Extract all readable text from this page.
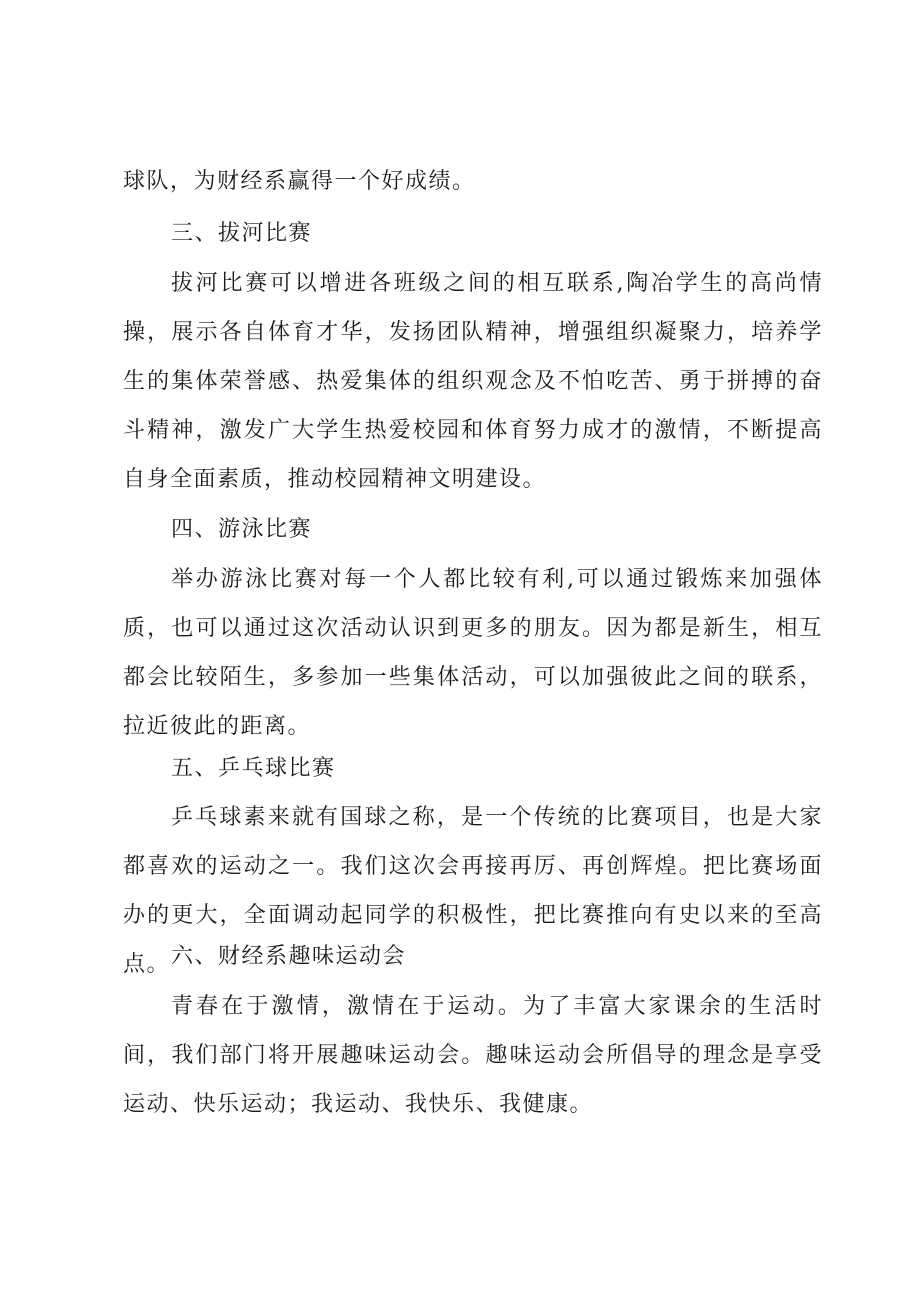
球队，为财经系赢得一个好成绩。

三、拔河比赛

拔河比赛可以增进各班级之间的相互联系,陶冶学生的高尚情操，展示各自体育才华，发扬团队精神，增强组织凝聚力，培养学生的集体荣誉感、热爱集体的组织观念及不怕吃苦、勇于拼搏的奋斗精神，激发广大学生热爱校园和体育努力成才的激情，不断提高自身全面素质，推动校园精神文明建设。

四、游泳比赛

举办游泳比赛对每一个人都比较有利,可以通过锻炼来加强体质，也可以通过这次活动认识到更多的朋友。因为都是新生，相互都会比较陌生，多参加一些集体活动，可以加强彼此之间的联系，拉近彼此的距离。

五、乒乓球比赛

乒乓球素来就有国球之称，是一个传统的比赛项目，也是大家都喜欢的运动之一。我们这次会再接再厉、再创辉煌。把比赛场面办的更大，全面调动起同学的积极性，把比赛推向有史以来的至高点。 六、财经系趣味运动会

青春在于激情，激情在于运动。为了丰富大家课余的生活时间，我们部门将开展趣味运动会。趣味运动会所倡导的理念是享受运动、快乐运动；我运动、我快乐、我健康。
